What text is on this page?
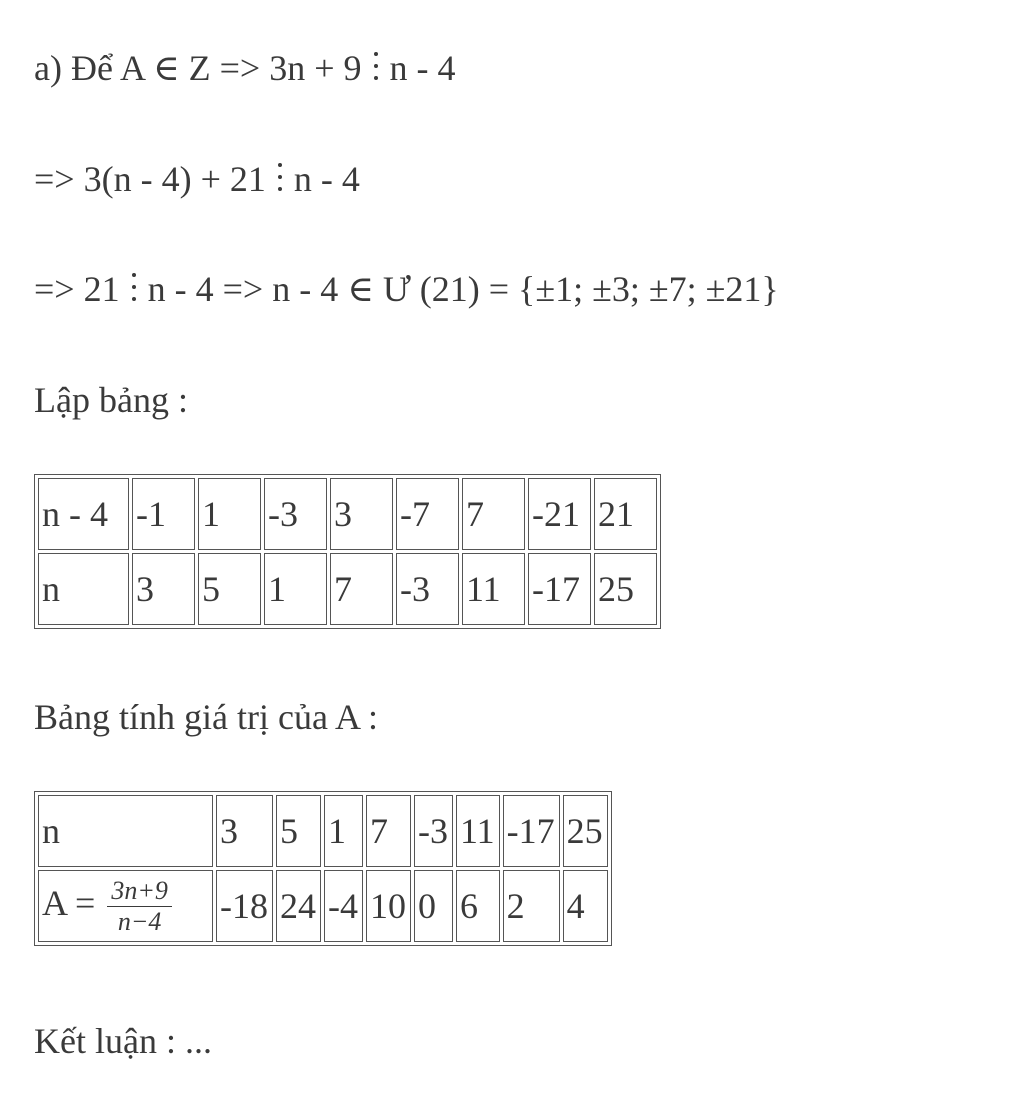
a) Để A ∈ Z => 3n + 9 n - 4
=> 3(n - 4) + 21 n - 4
=> 21 n - 4 => n - 4 ∈ Ư (21) = {±1; ±3; ±7; ±21}
Lập bảng :
n - 4	-1	1	-3	3	-7	7	-21	21
n	3	5	1	7	-3	11	-17	25
Bảng tính giá trị của A :
n	3	5	1	7	-3	11	-17	25
$A = \frac{3n+9}{n-4}$	-18	24	-4	10	0	6	2	4
Kết luận : ...
